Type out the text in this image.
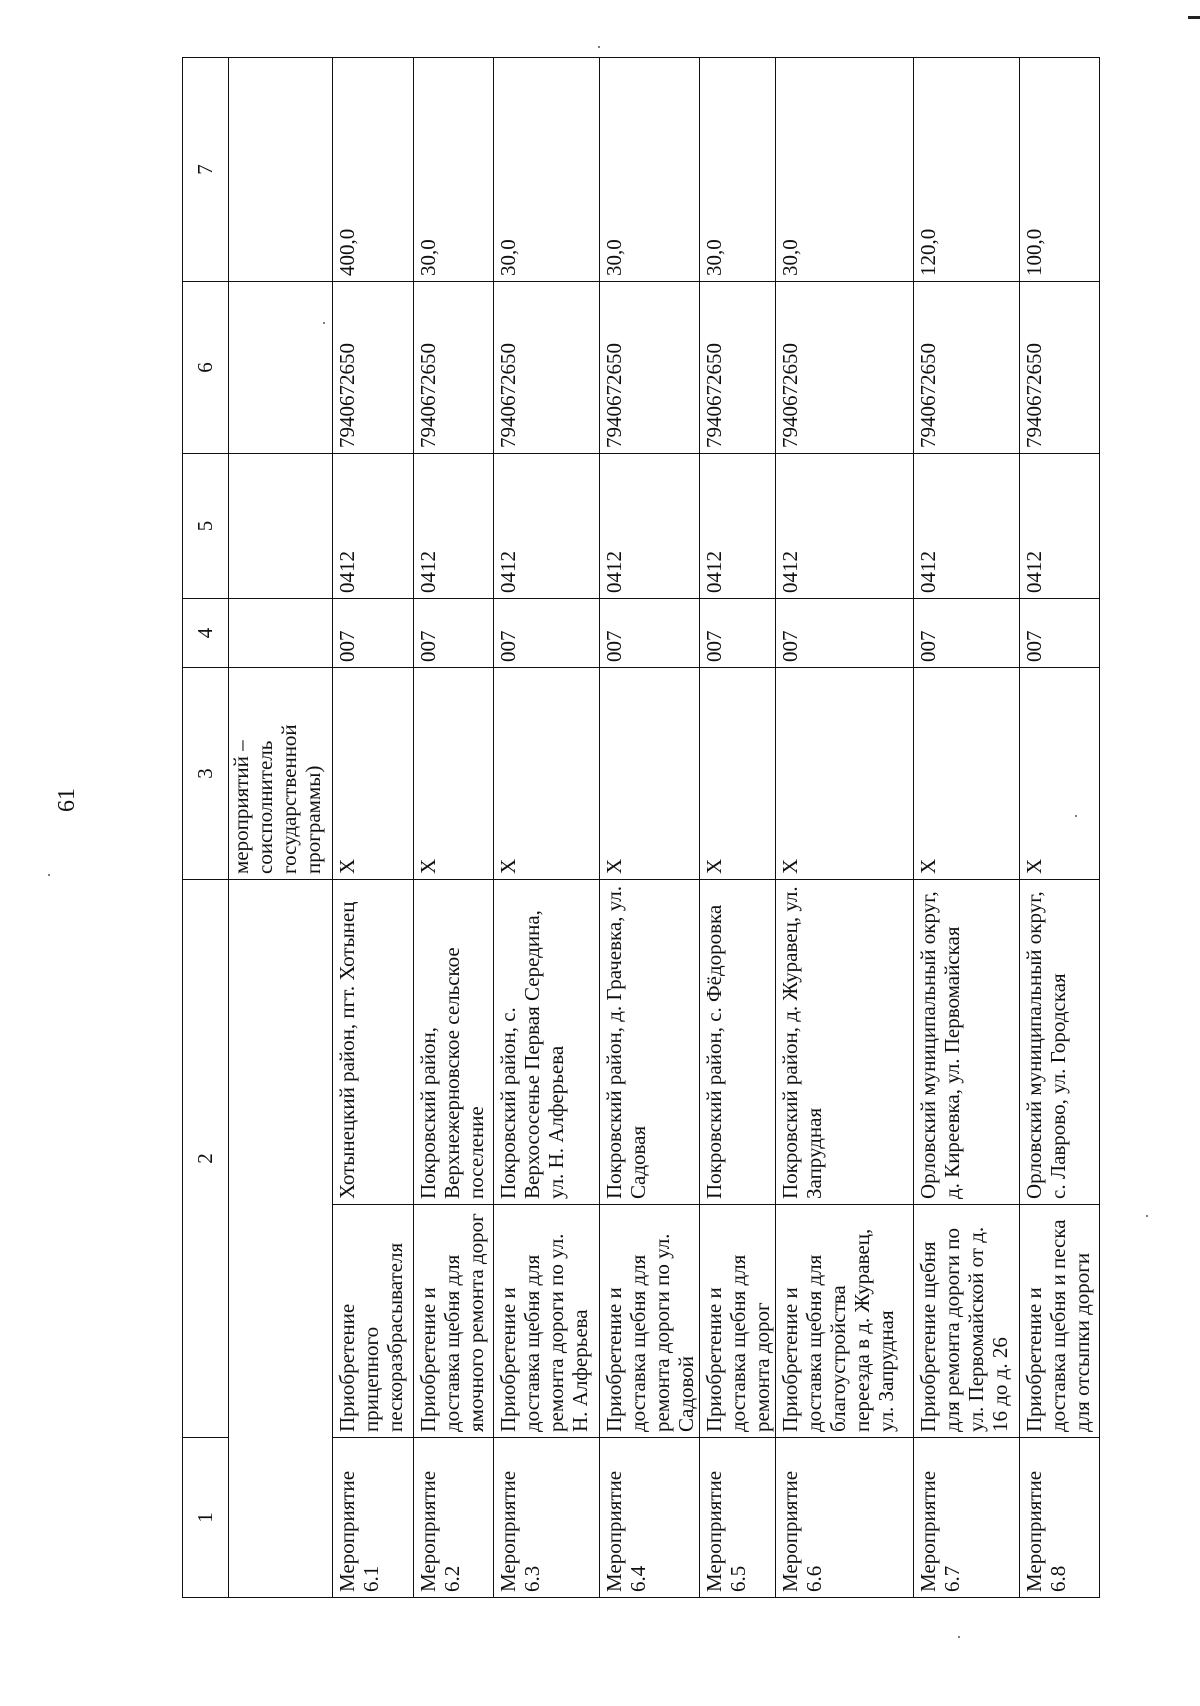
61
1	2		3	4	5	6	7
			мероприятий – соисполнитель государственной программы)				
Мероприятие 6.1	Приобретение прицепного пескоразбрасывателя	Хотынецкий район, пгт. Хотынец	X	007	0412	7940672650	400,0
Мероприятие 6.2	Приобретение и доставка щебня для ямочного ремонта дорог	Покровский район, Верхнежерновское сельское поселение	X	007	0412	7940672650	30,0
Мероприятие 6.3	Приобретение и доставка щебня для ремонта дороги по ул. Н. Алферьева	Покровский район, с. Верхососенье Первая Середина, ул. Н. Алферьева	X	007	0412	7940672650	30,0
Мероприятие 6.4	Приобретение и доставка щебня для ремонта дороги по ул. Садовой	Покровский район, д. Грачевка, ул. Садовая	X	007	0412	7940672650	30,0
Мероприятие 6.5	Приобретение и доставка щебня для ремонта дорог	Покровский район, с. Фёдоровка	X	007	0412	7940672650	30,0
Мероприятие 6.6	Приобретение и доставка щебня для благоустройства переезда в д. Журавец, ул. Запрудная	Покровский район, д. Журавец, ул. Запрудная	X	007	0412	7940672650	30,0
Мероприятие 6.7	Приобретение щебня для ремонта дороги по ул. Первомайской от д. 16 до д. 26	Орловский муниципальный округ, д. Киреевка, ул. Первомайская	X	007	0412	7940672650	120,0
Мероприятие 6.8	Приобретение и доставка щебня и песка для отсыпки дороги	Орловский муниципальный округ, с. Лаврово, ул. Городская	X	007	0412	7940672650	100,0
